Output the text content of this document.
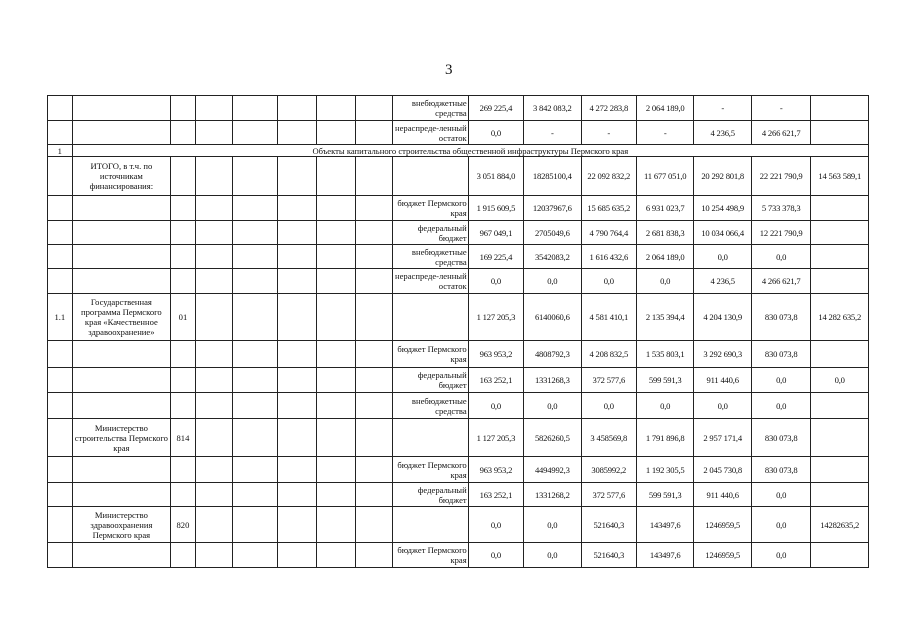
3
								внебюджетные средства	269 225,4	3 842 083,2	4 272 283,8	2 064 189,0	-	-	
								нераспреде-ленный остаток	0,0	-	-	-	4 236,5	4 266 621,7	
1	Объекты капитального строительства общественной инфраструктуры Пермского края														
	ИТОГО, в т.ч. по источникам финансирования:								3 051 884,0	18285100,4	22 092 832,2	11 677 051,0	20 292 801,8	22 221 790,9	14 563 589,1
								бюджет Пермского края	1 915 609,5	12037967,6	15 685 635,2	6 931 023,7	10 254 498,9	5 733 378,3	
								федеральный бюджет	967 049,1	2705049,6	4 790 764,4	2 681 838,3	10 034 066,4	12 221 790,9	
								внебюджетные средства	169 225,4	3542083,2	1 616 432,6	2 064 189,0	0,0	0,0	
								нераспреде-ленный остаток	0,0	0,0	0,0	0,0	4 236,5	4 266 621,7	
1.1	Государственная программа Пермского края «Качественное здравоохранение»	01							1 127 205,3	6140060,6	4 581 410,1	2 135 394,4	4 204 130,9	830 073,8	14 282 635,2
								бюджет Пермского края	963 953,2	4808792,3	4 208 832,5	1 535 803,1	3 292 690,3	830 073,8	
								федеральный бюджет	163 252,1	1331268,3	372 577,6	599 591,3	911 440,6	0,0	0,0
								внебюджетные средства	0,0	0,0	0,0	0,0	0,0	0,0	
	Министерство строительства Пермского края	814							1 127 205,3	5826260,5	3 458569,8	1 791 896,8	2 957 171,4	830 073,8	
								бюджет Пермского края	963 953,2	4494992,3	3085992,2	1 192 305,5	2 045 730,8	830 073,8	
								федеральный бюджет	163 252,1	1331268,2	372 577,6	599 591,3	911 440,6	0,0	
	Министерство здравоохранения Пермского края	820							0,0	0,0	521640,3	143497,6	1246959,5	0,0	14282635,2
								бюджет Пермского края	0,0	0,0	521640,3	143497,6	1246959,5	0,0	
